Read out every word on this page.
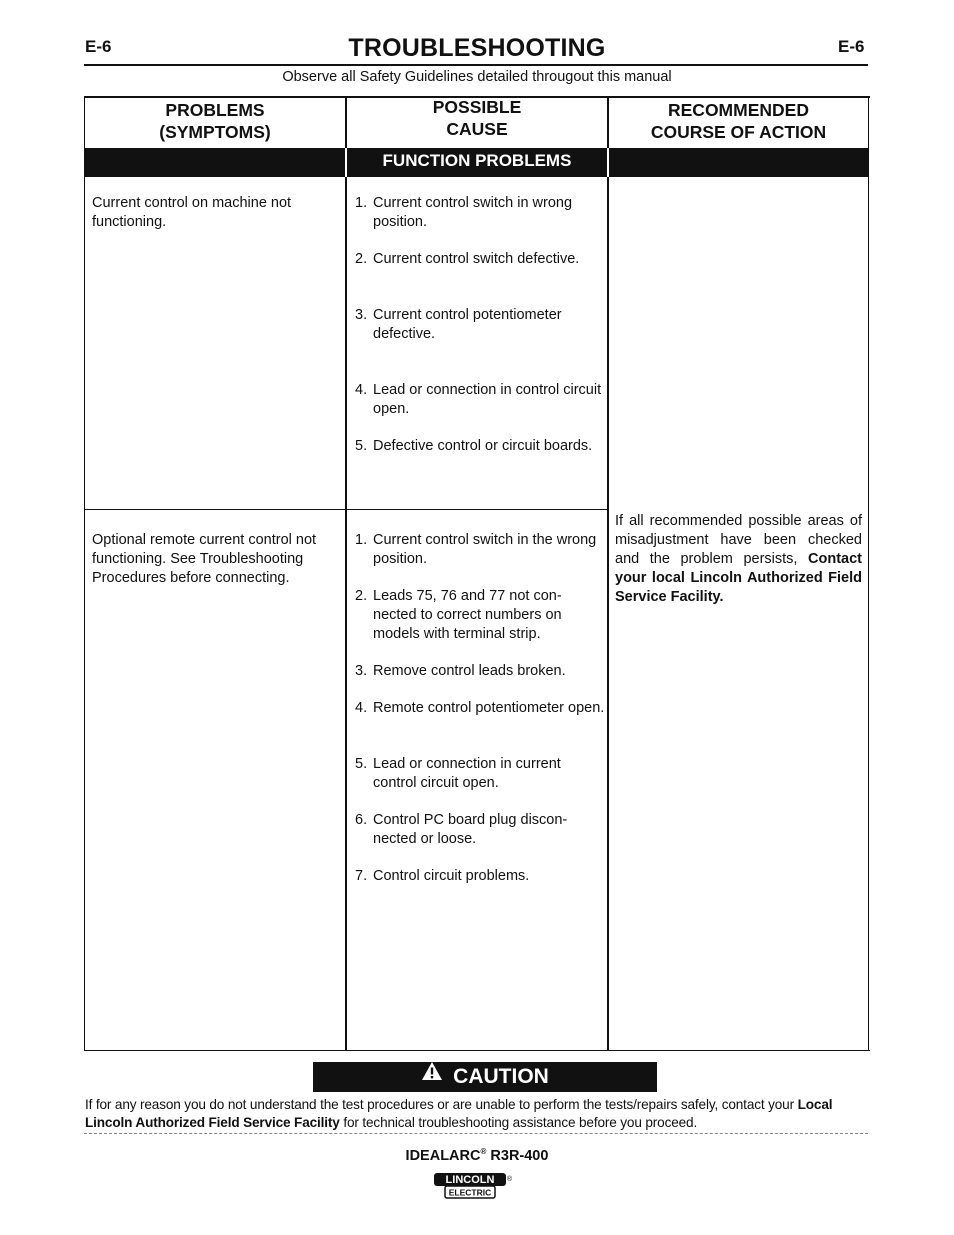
E-6	E-6
TROUBLESHOOTING
Observe all Safety Guidelines detailed througout this manual
PROBLEMS
(SYMPTOMS)
POSSIBLE
CAUSE
RECOMMENDED
COURSE OF ACTION
FUNCTION PROBLEMS
Current control on machine not
functioning.
1. Current control switch in wrong position.
2. Current control switch defective.
3. Current control potentiometer defective.
4. Lead or connection in control circuit open.
5. Defective control or circuit boards.
Optional remote current control not
functioning. See Troubleshooting
Procedures before connecting.
1. Current control switch in the wrong position.
2. Leads 75, 76 and 77 not con-nected to correct numbers on models with terminal strip.
3. Remove control leads broken.
4. Remote control potentiometer open.
5. Lead or connection in current control circuit open.
6. Control PC board plug discon-nected or loose.
7. Control circuit problems.
If all recommended possible areas of misadjustment have been checked and the problem persists, Contact your local Lincoln Authorized Field Service Facility.
CAUTION
If for any reason you do not understand the test procedures or are unable to perform the tests/repairs safely, contact your Local Lincoln Authorized Field Service Facility for technical troubleshooting assistance before you proceed.
IDEALARC® R3R-400
LINCOLN
ELECTRIC
®
